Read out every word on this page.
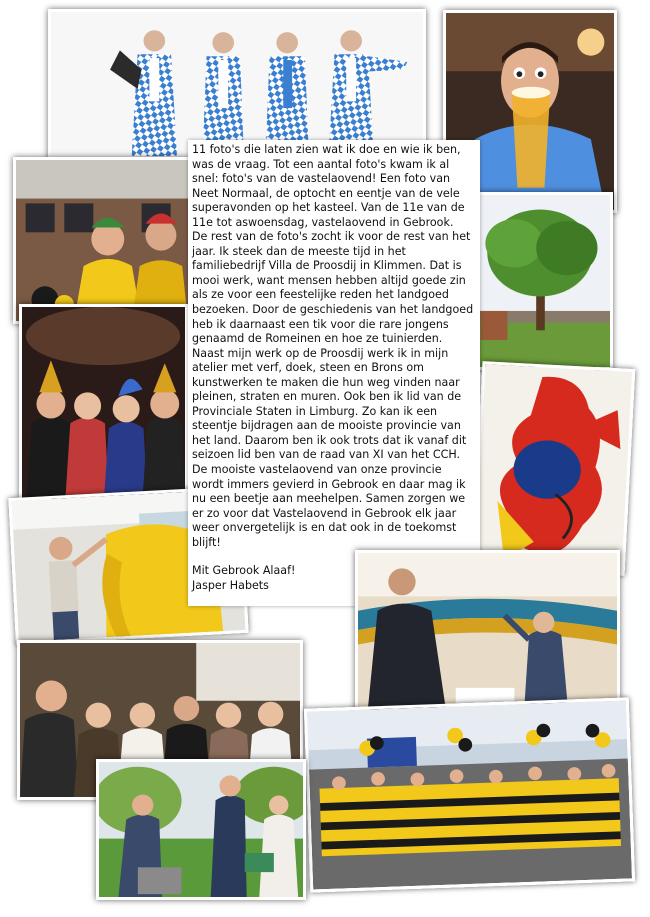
11 foto's die laten zien wat ik doe en wie ik ben, was de vraag. Tot een aantal foto's kwam ik al snel: foto's van de vastelaovend! Een foto van Neet Normaal, de optocht en eentje van de vele superavonden op het kasteel. Van de 11e van de 11e tot aswoensdag, vastelaovend in Gebrook.

De rest van de foto's zocht ik voor de rest van het jaar. Ik steek dan de meeste tijd in het familiebedrijf Villa de Proosdij in Klimmen. Dat is mooi werk, want mensen hebben altijd goede zin als ze voor een feestelijke reden het landgoed bezoeken. Door de geschiedenis van het landgoed heb ik daarnaast een tik voor die rare jongens genaamd de Romeinen en hoe ze tuinierden. Naast mijn werk op de Proosdij werk ik in mijn atelier met verf, doek, steen en Brons om kunstwerken te maken die hun weg vinden naar pleinen, straten en muren. Ook ben ik lid van de Provinciale Staten in Limburg. Zo kan ik een steentje bijdragen aan de mooiste provincie van het land. Daarom ben ik ook trots dat ik vanaf dit seizoen lid ben van de raad van XI van het CCH. De mooiste vastelaovend van onze provincie wordt immers gevierd in Gebrook en daar mag ik nu een beetje aan meehelpen. Samen zorgen we er zo voor dat Vastelaovend in Gebrook elk jaar weer onvergetelijk is en dat ook in de toekomst blijft!

Mit Gebrook Alaaf!

Jasper Habets
